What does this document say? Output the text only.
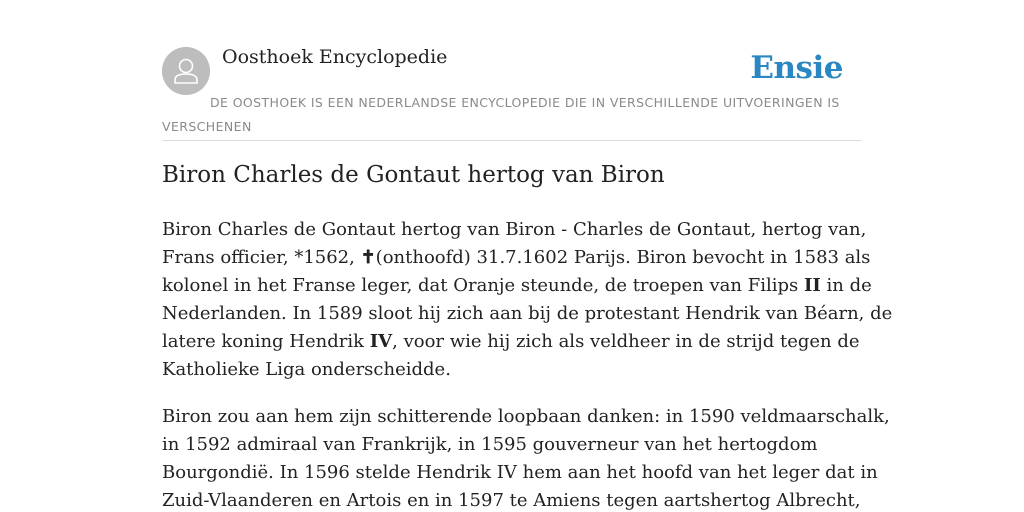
Oosthoek Encyclopedie	Ensie
DE OOSTHOEK IS EEN NEDERLANDSE ENCYCLOPEDIE DIE IN VERSCHILLENDE UITVOERINGEN IS VERSCHENEN
Biron Charles de Gontaut hertog van Biron

Biron Charles de Gontaut hertog van Biron - Charles de Gontaut, hertog van,
Frans officier, *1562, ✝(onthoofd) 31.7.1602 Parijs. Biron bevocht in 1583 als
kolonel in het Franse leger, dat Oranje steunde, de troepen van Filips II in de
Nederlanden. In 1589 sloot hij zich aan bij de protestant Hendrik van Béarn, de
latere koning Hendrik IV, voor wie hij zich als veldheer in de strijd tegen de
Katholieke Liga onderscheidde.

Biron zou aan hem zijn schitterende loopbaan danken: in 1590 veldmaarschalk,
in 1592 admiraal van Frankrijk, in 1595 gouverneur van het hertogdom
Bourgondië. In 1596 stelde Hendrik IV hem aan het hoofd van het leger dat in
Zuid-Vlaanderen en Artois en in 1597 te Amiens tegen aartshertog Albrecht,
